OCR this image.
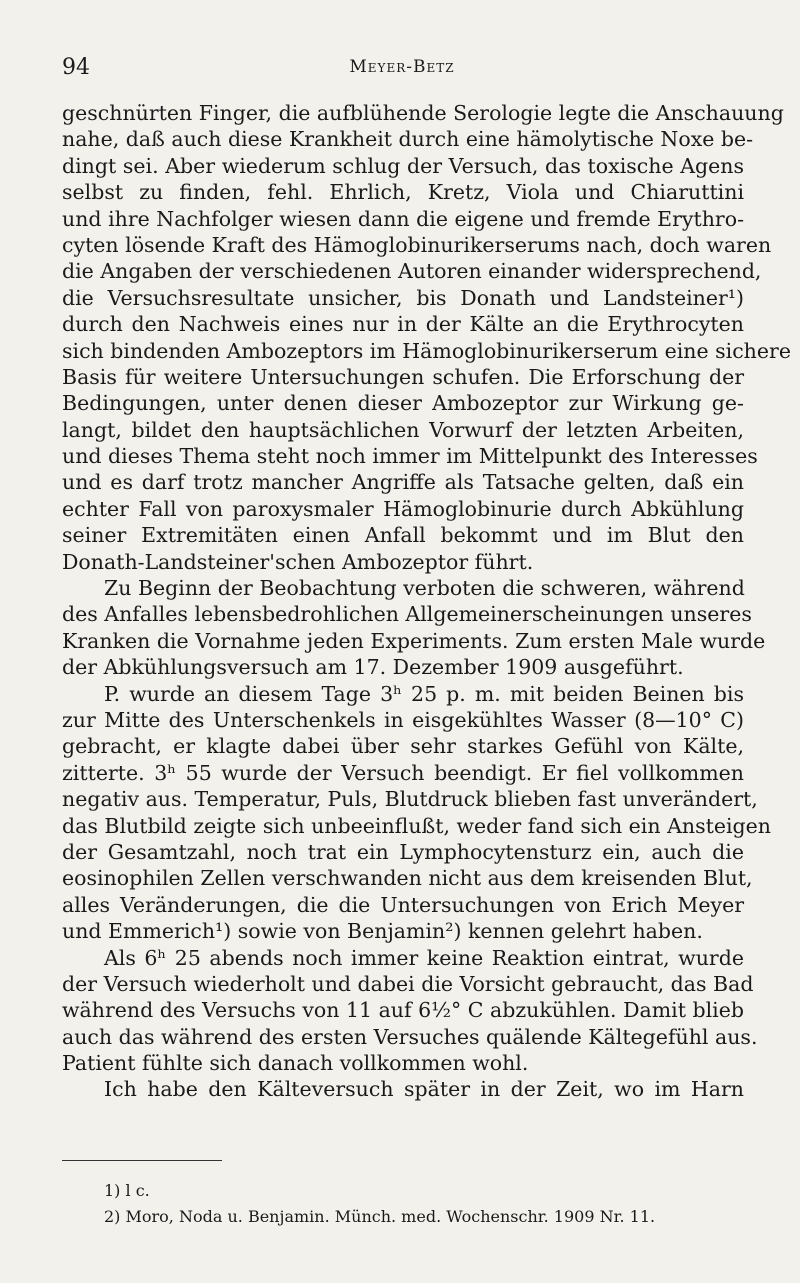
94	Meyer-Betz
geschnürten Finger, die aufblühende Serologie legte die Anschauung
nahe, daß auch diese Krankheit durch eine hämolytische Noxe be-
dingt sei. Aber wiederum schlug der Versuch, das toxische Agens
selbst zu finden, fehl. Ehrlich, Kretz, Viola und Chiaruttini
und ihre Nachfolger wiesen dann die eigene und fremde Erythro-
cyten lösende Kraft des Hämoglobinurikerserums nach, doch waren
die Angaben der verschiedenen Autoren einander widersprechend,
die Versuchsresultate unsicher, bis Donath und Landsteiner¹)
durch den Nachweis eines nur in der Kälte an die Erythrocyten
sich bindenden Ambozeptors im Hämoglobinurikerserum eine sichere
Basis für weitere Untersuchungen schufen. Die Erforschung der
Bedingungen, unter denen dieser Ambozeptor zur Wirkung ge-
langt, bildet den hauptsächlichen Vorwurf der letzten Arbeiten,
und dieses Thema steht noch immer im Mittelpunkt des Interesses
und es darf trotz mancher Angriffe als Tatsache gelten, daß ein
echter Fall von paroxysmaler Hämoglobinurie durch Abkühlung
seiner Extremitäten einen Anfall bekommt und im Blut den
Donath-Landsteiner'schen Ambozeptor führt.
Zu Beginn der Beobachtung verboten die schweren, während
des Anfalles lebensbedrohlichen Allgemeinerscheinungen unseres
Kranken die Vornahme jeden Experiments. Zum ersten Male wurde
der Abkühlungsversuch am 17. Dezember 1909 ausgeführt.
P. wurde an diesem Tage 3ʰ 25 p. m. mit beiden Beinen bis
zur Mitte des Unterschenkels in eisgekühltes Wasser (8—10° C)
gebracht, er klagte dabei über sehr starkes Gefühl von Kälte,
zitterte. 3ʰ 55 wurde der Versuch beendigt. Er fiel vollkommen
negativ aus. Temperatur, Puls, Blutdruck blieben fast unverändert,
das Blutbild zeigte sich unbeeinflußt, weder fand sich ein Ansteigen
der Gesamtzahl, noch trat ein Lymphocytensturz ein, auch die
eosinophilen Zellen verschwanden nicht aus dem kreisenden Blut,
alles Veränderungen, die die Untersuchungen von Erich Meyer
und Emmerich¹) sowie von Benjamin²) kennen gelehrt haben.
Als 6ʰ 25 abends noch immer keine Reaktion eintrat, wurde
der Versuch wiederholt und dabei die Vorsicht gebraucht, das Bad
während des Versuchs von 11 auf 6½° C abzukühlen. Damit blieb
auch das während des ersten Versuches quälende Kältegefühl aus.
Patient fühlte sich danach vollkommen wohl.
Ich habe den Kälteversuch später in der Zeit, wo im Harn
1) l c.
2) Moro, Noda u. Benjamin. Münch. med. Wochenschr. 1909 Nr. 11.
